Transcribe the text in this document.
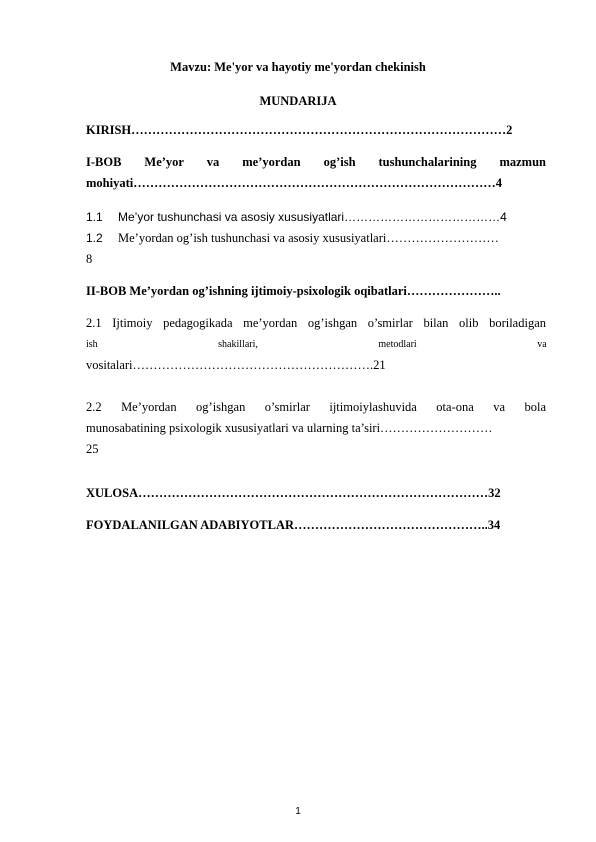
Mavzu: Me'yor va hayotiy me'yordan chekinish

MUNDARIJA

KIRISH………………………………………………………………………………2

I-BOB Me’yor va me’yordan og’ish tushunchalarining mazmun
mohiyati……………………………………………………………………………4
1.1 Me’yor tushunchasi va asosiy xususiyatlari…………………………………4
1.2 Me’yordan og’ish tushunchasi va asosiy xususiyatlari………………………
8

II-BOB Me’yordan og’ishning ijtimoiy-psixologik oqibatlari…………………..

2.1 Ijtimoiy pedagogikada me’yordan og’ishgan o’smirlar bilan olib boriladigan
ish shakillari, metodlari va
vositalari………………………………………………….21
2.2 Me’yordan og’ishgan o’smirlar ijtimoiylashuvida ota-ona va bola
munosabatining psixologik xususiyatlari va ularning ta’siri………………………
25

XULOSA…………………………………………………………………………32

FOYDALANILGAN ADABIYOTLAR………………………………………..34

1
